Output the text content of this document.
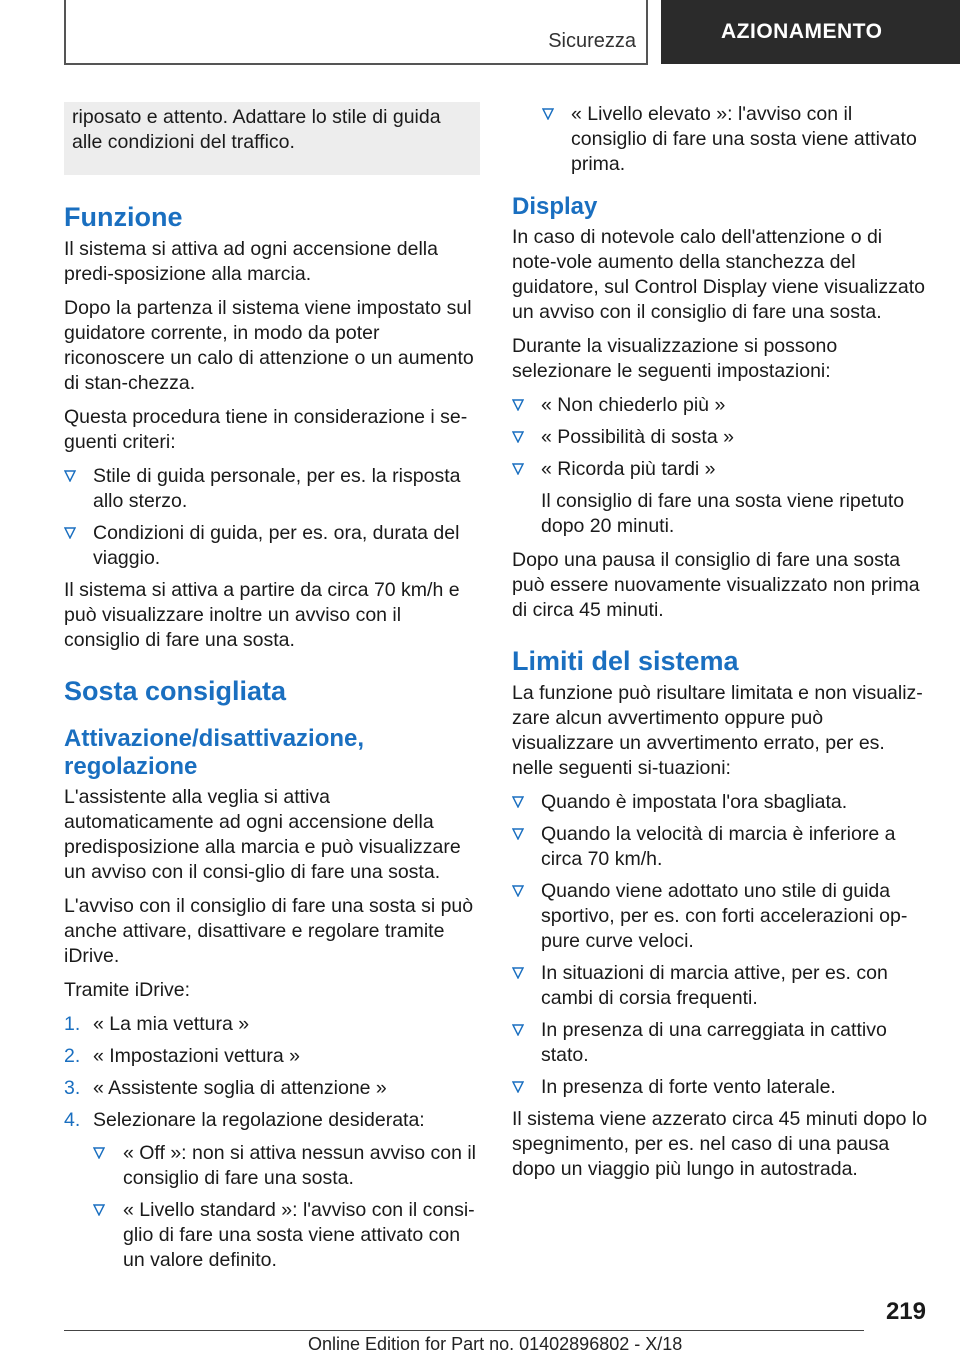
Sicurezza	AZIONAMENTO
riposato e attento. Adattare lo stile di guida alle condizioni del traffico.
Funzione

Il sistema si attiva ad ogni accensione della predi-sposizione alla marcia.

Dopo la partenza il sistema viene impostato sul guidatore corrente, in modo da poter riconoscere un calo di attenzione o un aumento di stan-chezza.

Questa procedura tiene in considerazione i se-guenti criteri:

Stile di guida personale, per es. la risposta allo sterzo.
Condizioni di guida, per es. ora, durata del viaggio.

Il sistema si attiva a partire da circa 70 km/h e può visualizzare inoltre un avviso con il consiglio di fare una sosta.

Sosta consigliata
Attivazione/disattivazione, regolazione

L'assistente alla veglia si attiva automaticamente ad ogni accensione della predisposizione alla marcia e può visualizzare un avviso con il consi-glio di fare una sosta.

L'avviso con il consiglio di fare una sosta si può anche attivare, disattivare e regolare tramite iDrive.

Tramite iDrive:

1. « La mia vettura »
2. « Impostazioni vettura »
3. « Assistente soglia di attenzione »
4. Selezionare la regolazione desiderata:
« Off »: non si attiva nessun avviso con il consiglio di fare una sosta.
« Livello standard »: l'avviso con il consi-glio di fare una sosta viene attivato con un valore definito.
« Livello elevato »: l'avviso con il consiglio di fare una sosta viene attivato prima.
Display

In caso di notevole calo dell'attenzione o di note-vole aumento della stanchezza del guidatore, sul Control Display viene visualizzato un avviso con il consiglio di fare una sosta.

Durante la visualizzazione si possono selezionare le seguenti impostazioni:

« Non chiederlo più »
« Possibilità di sosta »
« Ricorda più tardi »

Il consiglio di fare una sosta viene ripetuto dopo 20 minuti.

Dopo una pausa il consiglio di fare una sosta può essere nuovamente visualizzato non prima di circa 45 minuti.

Limiti del sistema

La funzione può risultare limitata e non visualiz-zare alcun avvertimento oppure può visualizzare un avvertimento errato, per es. nelle seguenti si-tuazioni:

Quando è impostata l'ora sbagliata.
Quando la velocità di marcia è inferiore a circa 70 km/h.
Quando viene adottato uno stile di guida sportivo, per es. con forti accelerazioni op-pure curve veloci.
In situazioni di marcia attive, per es. con cambi di corsia frequenti.
In presenza di una carreggiata in cattivo stato.
In presenza di forte vento laterale.

Il sistema viene azzerato circa 45 minuti dopo lo spegnimento, per es. nel caso di una pausa dopo un viaggio più lungo in autostrada.

219
Online Edition for Part no. 01402896802 - X/18
